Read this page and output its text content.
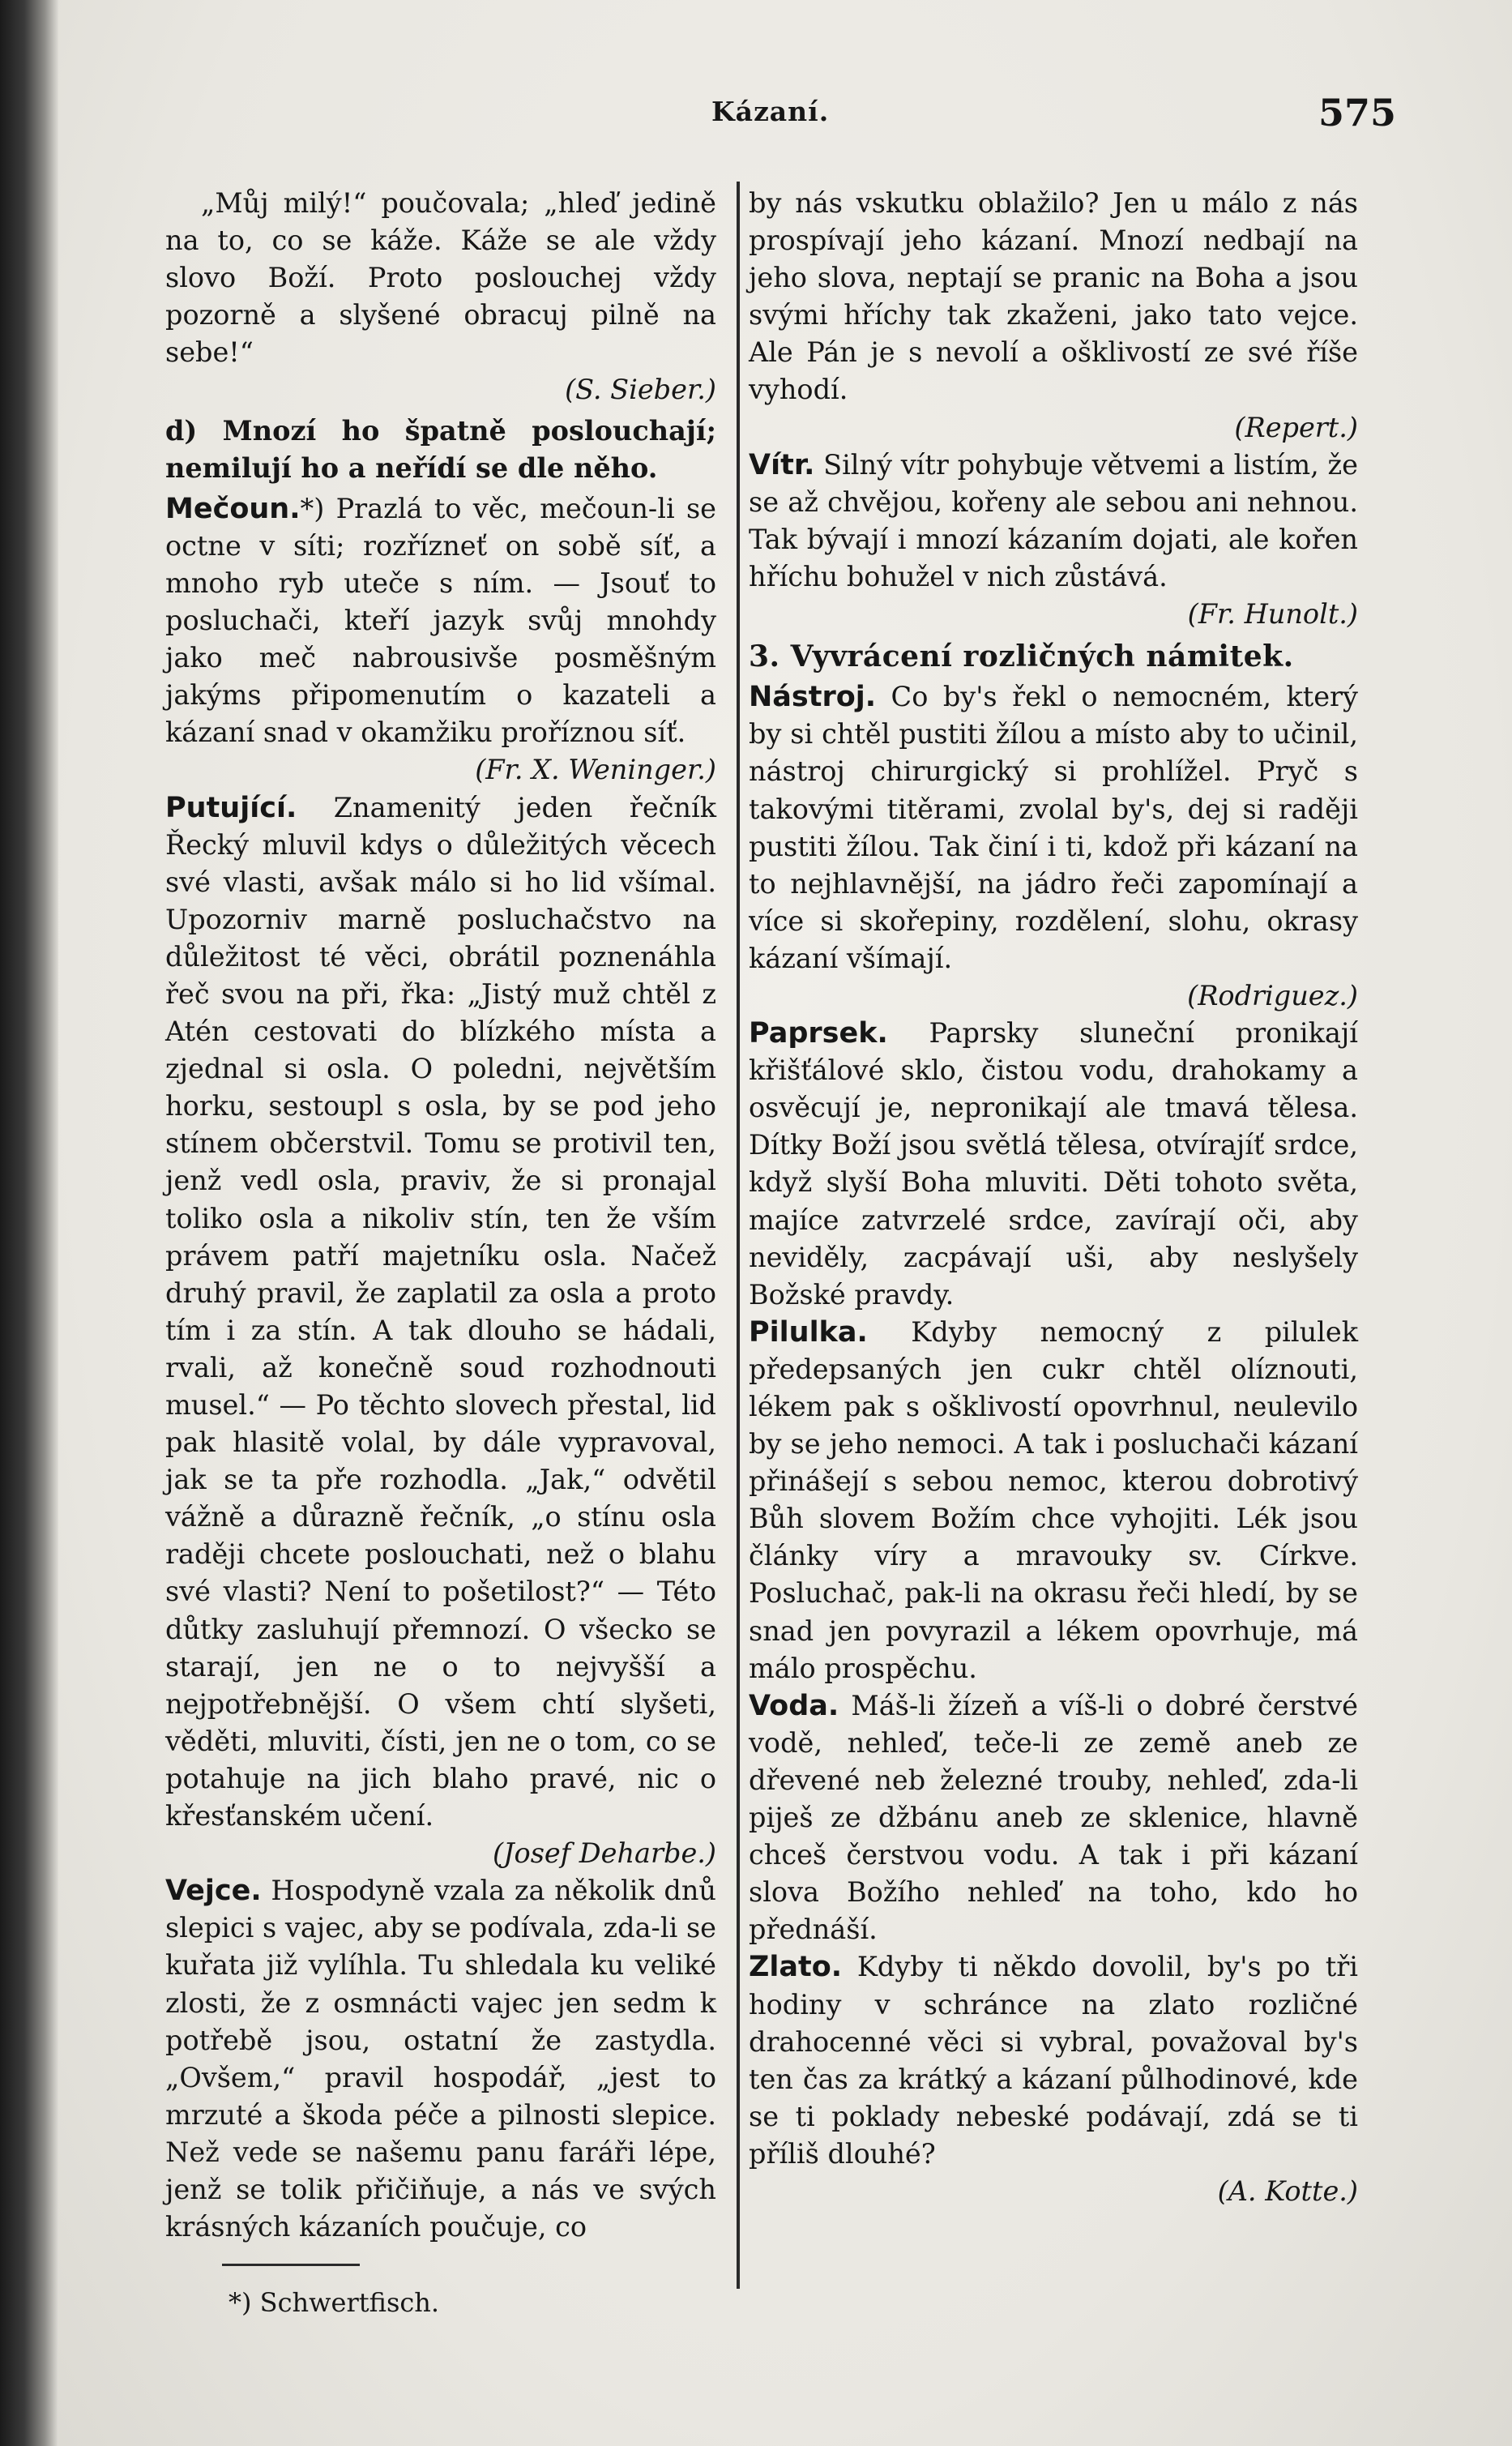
Kázaní.	575

„Můj milý!“ poučovala; „hleď jedině na to, co se káže. Káže se ale vždy slovo Boží. Proto poslouchej vždy pozorně a slyšené obracuj pilně na sebe!“

(S. Sieber.)

d) Mnozí ho špatně poslouchají; nemilují ho a neřídí se dle něho.

Mečoun.*) Prazlá to věc, mečoun-li se octne v síti; rozřízneť on sobě síť, a mnoho ryb uteče s ním. — Jsouť to posluchači, kteří jazyk svůj mnohdy jako meč nabrousivše posměšným jakýms připomenutím o kazateli a kázaní snad v okamžiku proříznou síť.

(Fr. X. Weninger.)

Putující. Znamenitý jeden řečník Řecký mluvil kdys o důležitých věcech své vlasti, avšak málo si ho lid všímal. Upozorniv marně posluchačstvo na důležitost té věci, obrátil poznenáhla řeč svou na při, řka: „Jistý muž chtěl z Atén cestovati do blízkého místa a zjednal si osla. O poledni, největším horku, sestoupl s osla, by se pod jeho stínem občerstvil. Tomu se protivil ten, jenž vedl osla, praviv, že si pronajal toliko osla a nikoliv stín, ten že vším právem patří majetníku osla. Načež druhý pravil, že zaplatil za osla a proto tím i za stín. A tak dlouho se hádali, rvali, až konečně soud rozhodnouti musel.“ — Po těchto slovech přestal, lid pak hlasitě volal, by dále vypravoval, jak se ta pře rozhodla. „Jak,“ odvětil vážně a důrazně řečník, „o stínu osla raději chcete poslouchati, než o blahu své vlasti? Není to pošetilost?“ — Této důtky zasluhují přemnozí. O všecko se starají, jen ne o to nejvyšší a nejpotřebnější. O všem chtí slyšeti, věděti, mluviti, čísti, jen ne o tom, co se potahuje na jich blaho pravé, nic o křesťanském učení.

(Josef Deharbe.)

Vejce. Hospodyně vzala za několik dnů slepici s vajec, aby se podívala, zda-li se kuřata již vylíhla. Tu shledala ku veliké zlosti, že z osmnácti vajec jen sedm k potřebě jsou, ostatní že zastydla. „Ovšem,“ pravil hospodář, „jest to mrzuté a škoda péče a pilnosti slepice. Než vede se našemu panu faráři lépe, jenž se tolik přičiňuje, a nás ve svých krásných kázaních poučuje, co

*) Schwertfisch.

by nás vskutku oblažilo? Jen u málo z nás prospívají jeho kázaní. Mnozí nedbají na jeho slova, neptají se pranic na Boha a jsou svými hříchy tak zkaženi, jako tato vejce. Ale Pán je s nevolí a ošklivostí ze své říše vyhodí.

(Repert.)

Vítr. Silný vítr pohybuje větvemi a listím, že se až chvějou, kořeny ale sebou ani nehnou. Tak bývají i mnozí kázaním dojati, ale kořen hříchu bohužel v nich zůstává.

(Fr. Hunolt.)

3. Vyvrácení rozličných námitek.

Nástroj. Co by's řekl o nemocném, který by si chtěl pustiti žílou a místo aby to učinil, nástroj chirurgický si prohlížel. Pryč s takovými titěrami, zvolal by's, dej si raději pustiti žílou. Tak činí i ti, kdož při kázaní na to nejhlavnější, na jádro řeči zapomínají a více si skořepiny, rozdělení, slohu, okrasy kázaní všímají.

(Rodriguez.)

Paprsek. Paprsky sluneční pronikají křišťálové sklo, čistou vodu, drahokamy a osvěcují je, nepronikají ale tmavá tělesa. Dítky Boží jsou světlá tělesa, otvírajíť srdce, když slyší Boha mluviti. Děti tohoto světa, majíce zatvrzelé srdce, zavírají oči, aby neviděly, zacpávají uši, aby neslyšely Božské pravdy.

Pilulka. Kdyby nemocný z pilulek předepsaných jen cukr chtěl olíznouti, lékem pak s ošklivostí opovrhnul, neulevilo by se jeho nemoci. A tak i posluchači kázaní přinášejí s sebou nemoc, kterou dobrotivý Bůh slovem Božím chce vyhojiti. Lék jsou články víry a mravouky sv. Církve. Posluchač, pak-li na okrasu řeči hledí, by se snad jen povyrazil a lékem opovrhuje, má málo prospěchu.

Voda. Máš-li žízeň a víš-li o dobré čerstvé vodě, nehleď, teče-li ze země aneb ze dřevené neb železné trouby, nehleď, zda-li piješ ze džbánu aneb ze sklenice, hlavně chceš čerstvou vodu. A tak i při kázaní slova Božího nehleď na toho, kdo ho přednáší.

Zlato. Kdyby ti někdo dovolil, by's po tři hodiny v schránce na zlato rozličné drahocenné věci si vybral, považoval by's ten čas za krátký a kázaní půlhodinové, kde se ti poklady nebeské podávají, zdá se ti příliš dlouhé?

(A. Kotte.)
